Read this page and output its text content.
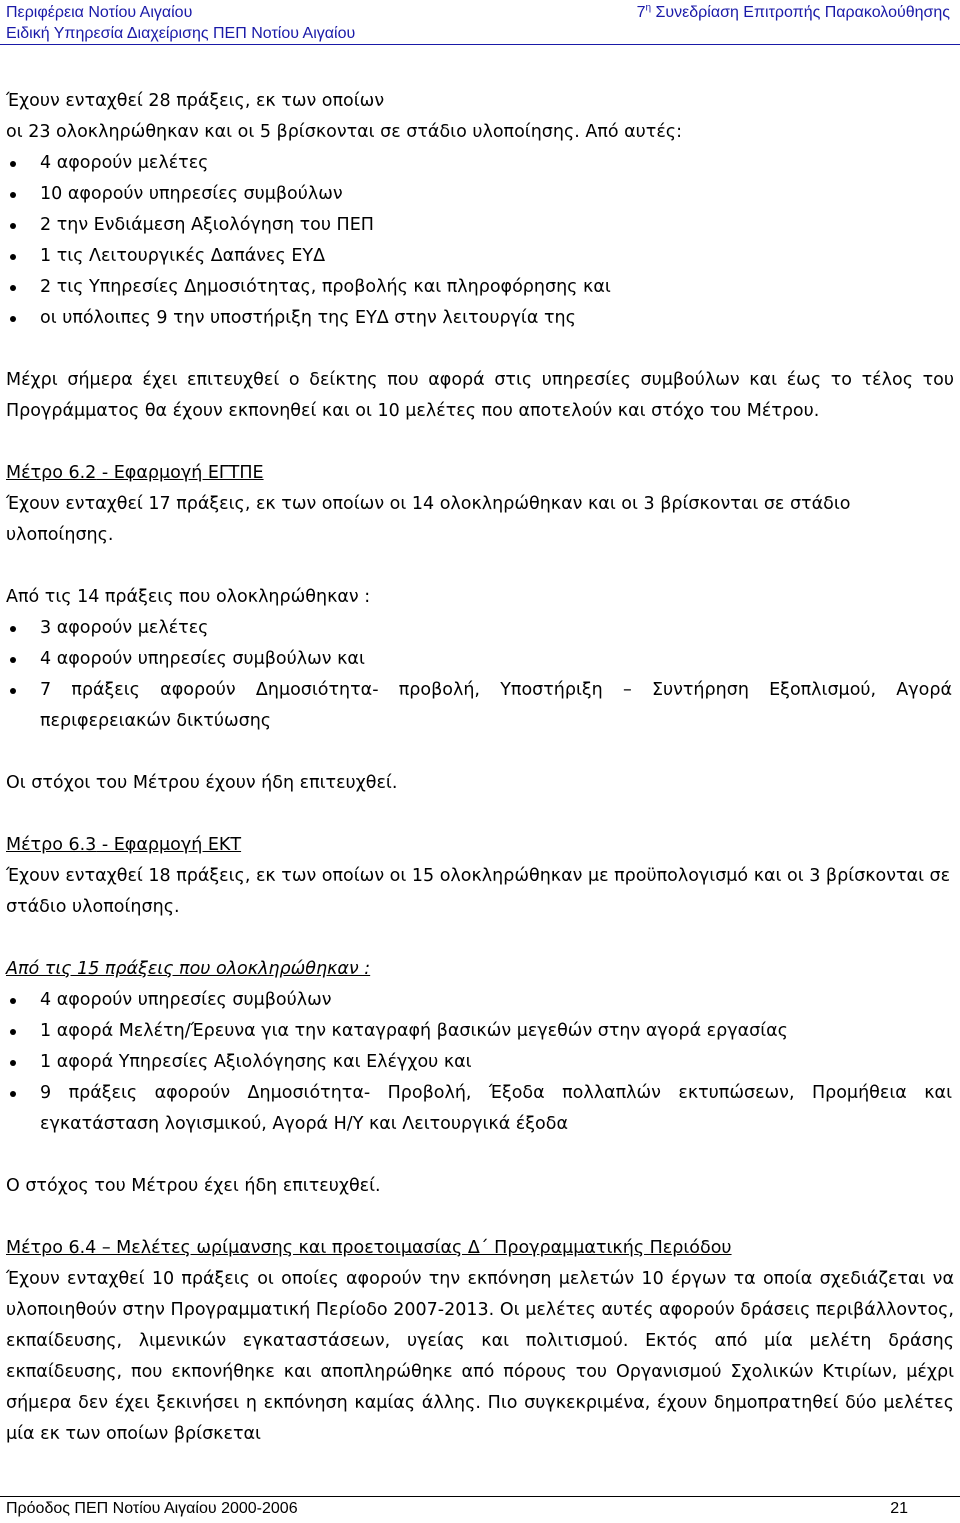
Περιφέρεια Νοτίου Αιγαίου
Ειδική Υπηρεσία Διαχείρισης ΠΕΠ Νοτίου Αιγαίου
$7^\eta$ Συνεδρίαση Επιτροπής Παρακολούθησης

Έχουν ενταχθεί 28 πράξεις, εκ των οποίων

οι 23 ολοκληρώθηκαν και οι 5 βρίσκονται σε στάδιο υλοποίησης. Από αυτές:

4 αφορούν μελέτες
10 αφορούν υπηρεσίες συμβούλων
2 την Ενδιάμεση Αξιολόγηση του ΠΕΠ
1 τις Λειτουργικές Δαπάνες ΕΥΔ
2 τις Υπηρεσίες Δημοσιότητας, προβολής και πληροφόρησης και
οι υπόλοιπες 9 την υποστήριξη της ΕΥΔ στην λειτουργία της

Μέχρι σήμερα έχει επιτευχθεί ο δείκτης που αφορά στις υπηρεσίες συμβούλων και έως το τέλος του Προγράμματος θα έχουν εκπονηθεί και οι 10 μελέτες που αποτελούν και στόχο του Μέτρου.

Μέτρο 6.2 - Εφαρμογή ΕΓΤΠΕ

Έχουν ενταχθεί 17 πράξεις, εκ των οποίων οι 14 ολοκληρώθηκαν και οι 3 βρίσκονται σε στάδιο υλοποίησης.

Από τις 14 πράξεις που ολοκληρώθηκαν :

3 αφορούν μελέτες
4 αφορούν υπηρεσίες συμβούλων και
7 πράξεις αφορούν Δημοσιότητα- προβολή, Υποστήριξη – Συντήρηση Εξοπλισμού, Αγορά περιφερειακών δικτύωσης

Οι στόχοι του Μέτρου έχουν ήδη επιτευχθεί.

Μέτρο 6.3 - Εφαρμογή ΕΚΤ

Έχουν ενταχθεί 18 πράξεις, εκ των οποίων οι 15 ολοκληρώθηκαν με προϋπολογισμό και οι 3 βρίσκονται σε στάδιο υλοποίησης.

Από τις 15 πράξεις που ολοκληρώθηκαν :

4 αφορούν υπηρεσίες συμβούλων
1 αφορά Μελέτη/Έρευνα για την καταγραφή βασικών μεγεθών στην αγορά εργασίας
1 αφορά Υπηρεσίες Αξιολόγησης και Ελέγχου και
9 πράξεις αφορούν Δημοσιότητα- Προβολή, Έξοδα πολλαπλών εκτυπώσεων, Προμήθεια και εγκατάσταση λογισμικού, Αγορά Η/Υ και Λειτουργικά έξοδα

Ο στόχος του Μέτρου έχει ήδη επιτευχθεί.

Μέτρο 6.4 – Μελέτες ωρίμανσης και προετοιμασίας Δ΄ Προγραμματικής Περιόδου

Έχουν ενταχθεί 10 πράξεις οι οποίες αφορούν την εκπόνηση μελετών 10 έργων τα οποία σχεδιάζεται να υλοποιηθούν στην Προγραμματική Περίοδο 2007-2013. Οι μελέτες αυτές αφορούν δράσεις περιβάλλοντος, εκπαίδευσης, λιμενικών εγκαταστάσεων, υγείας και πολιτισμού. Εκτός από μία μελέτη δράσης εκπαίδευσης, που εκπονήθηκε και αποπληρώθηκε από πόρους του Οργανισμού Σχολικών Κτιρίων, μέχρι σήμερα δεν έχει ξεκινήσει η εκπόνηση καμίας άλλης. Πιο συγκεκριμένα, έχουν δημοπρατηθεί δύο μελέτες μία εκ των οποίων βρίσκεται

Πρόοδος ΠΕΠ Νοτίου Αιγαίου 2000-2006	21
